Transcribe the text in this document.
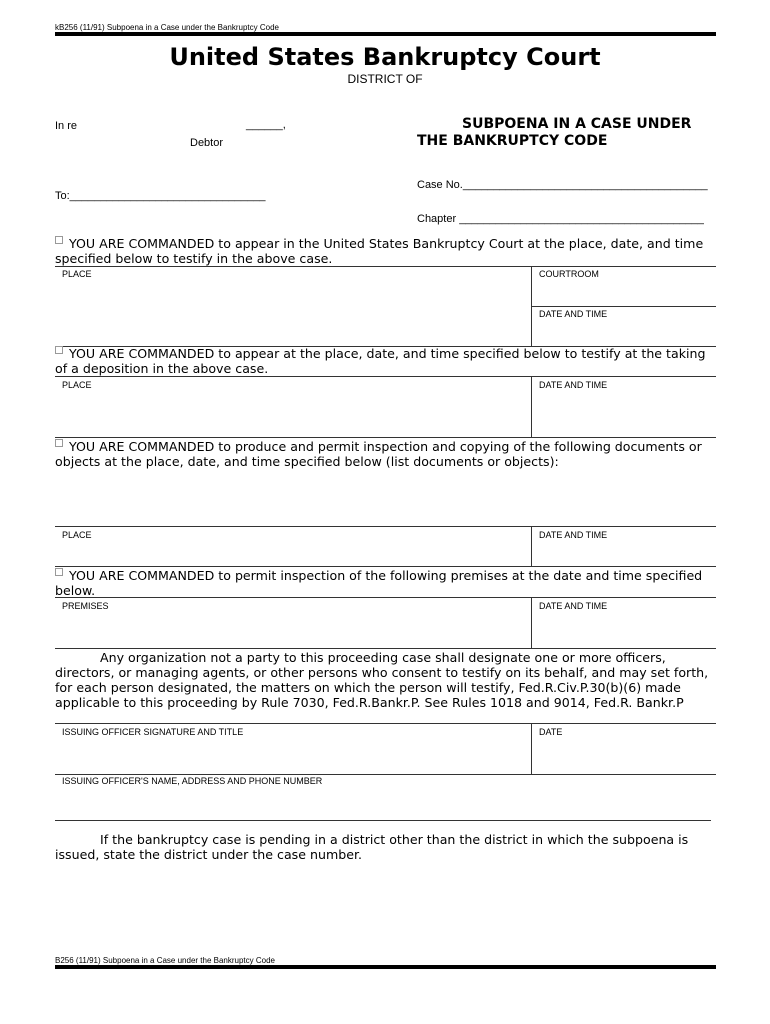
kB256 (11/91) Subpoena in a Case under the Bankruptcy Code
United States Bankruptcy Court
DISTRICT OF
In re	______,
Debtor
SUBPOENA IN A CASE UNDER
THE BANKRUPTCY CODE
Case No.________________________________________
To:________________________________
Chapter ________________________________________
YOU ARE COMMANDED to appear in the United States Bankruptcy Court at the place, date, and time
specified below to testify in the above case.
PLACE	COURTROOM
DATE AND TIME
YOU ARE COMMANDED to appear at the place, date, and time specified below to testify at the taking
of a deposition in the above case.
PLACE	DATE AND TIME
YOU ARE COMMANDED to produce and permit inspection and copying of the following documents or
objects at the place, date, and time specified below (list documents or objects):
PLACE	DATE AND TIME
YOU ARE COMMANDED to permit inspection of the following premises at the date and time specified
below.
PREMISES	DATE AND TIME
Any organization not a party to this proceeding case shall designate one or more officers,
directors, or managing agents, or other persons who consent to testify on its behalf, and may set forth,
for each person designated, the matters on which the person will testify, Fed.R.Civ.P.30(b)(6) made
applicable to this proceeding by Rule 7030, Fed.R.Bankr.P. See Rules 1018 and 9014, Fed.R. Bankr.P
ISSUING OFFICER SIGNATURE AND TITLE	DATE
ISSUING OFFICER'S NAME, ADDRESS AND PHONE NUMBER
If the bankruptcy case is pending in a district other than the district in which the subpoena is
issued, state the district under the case number.
B256 (11/91) Subpoena in a Case under the Bankruptcy Code
